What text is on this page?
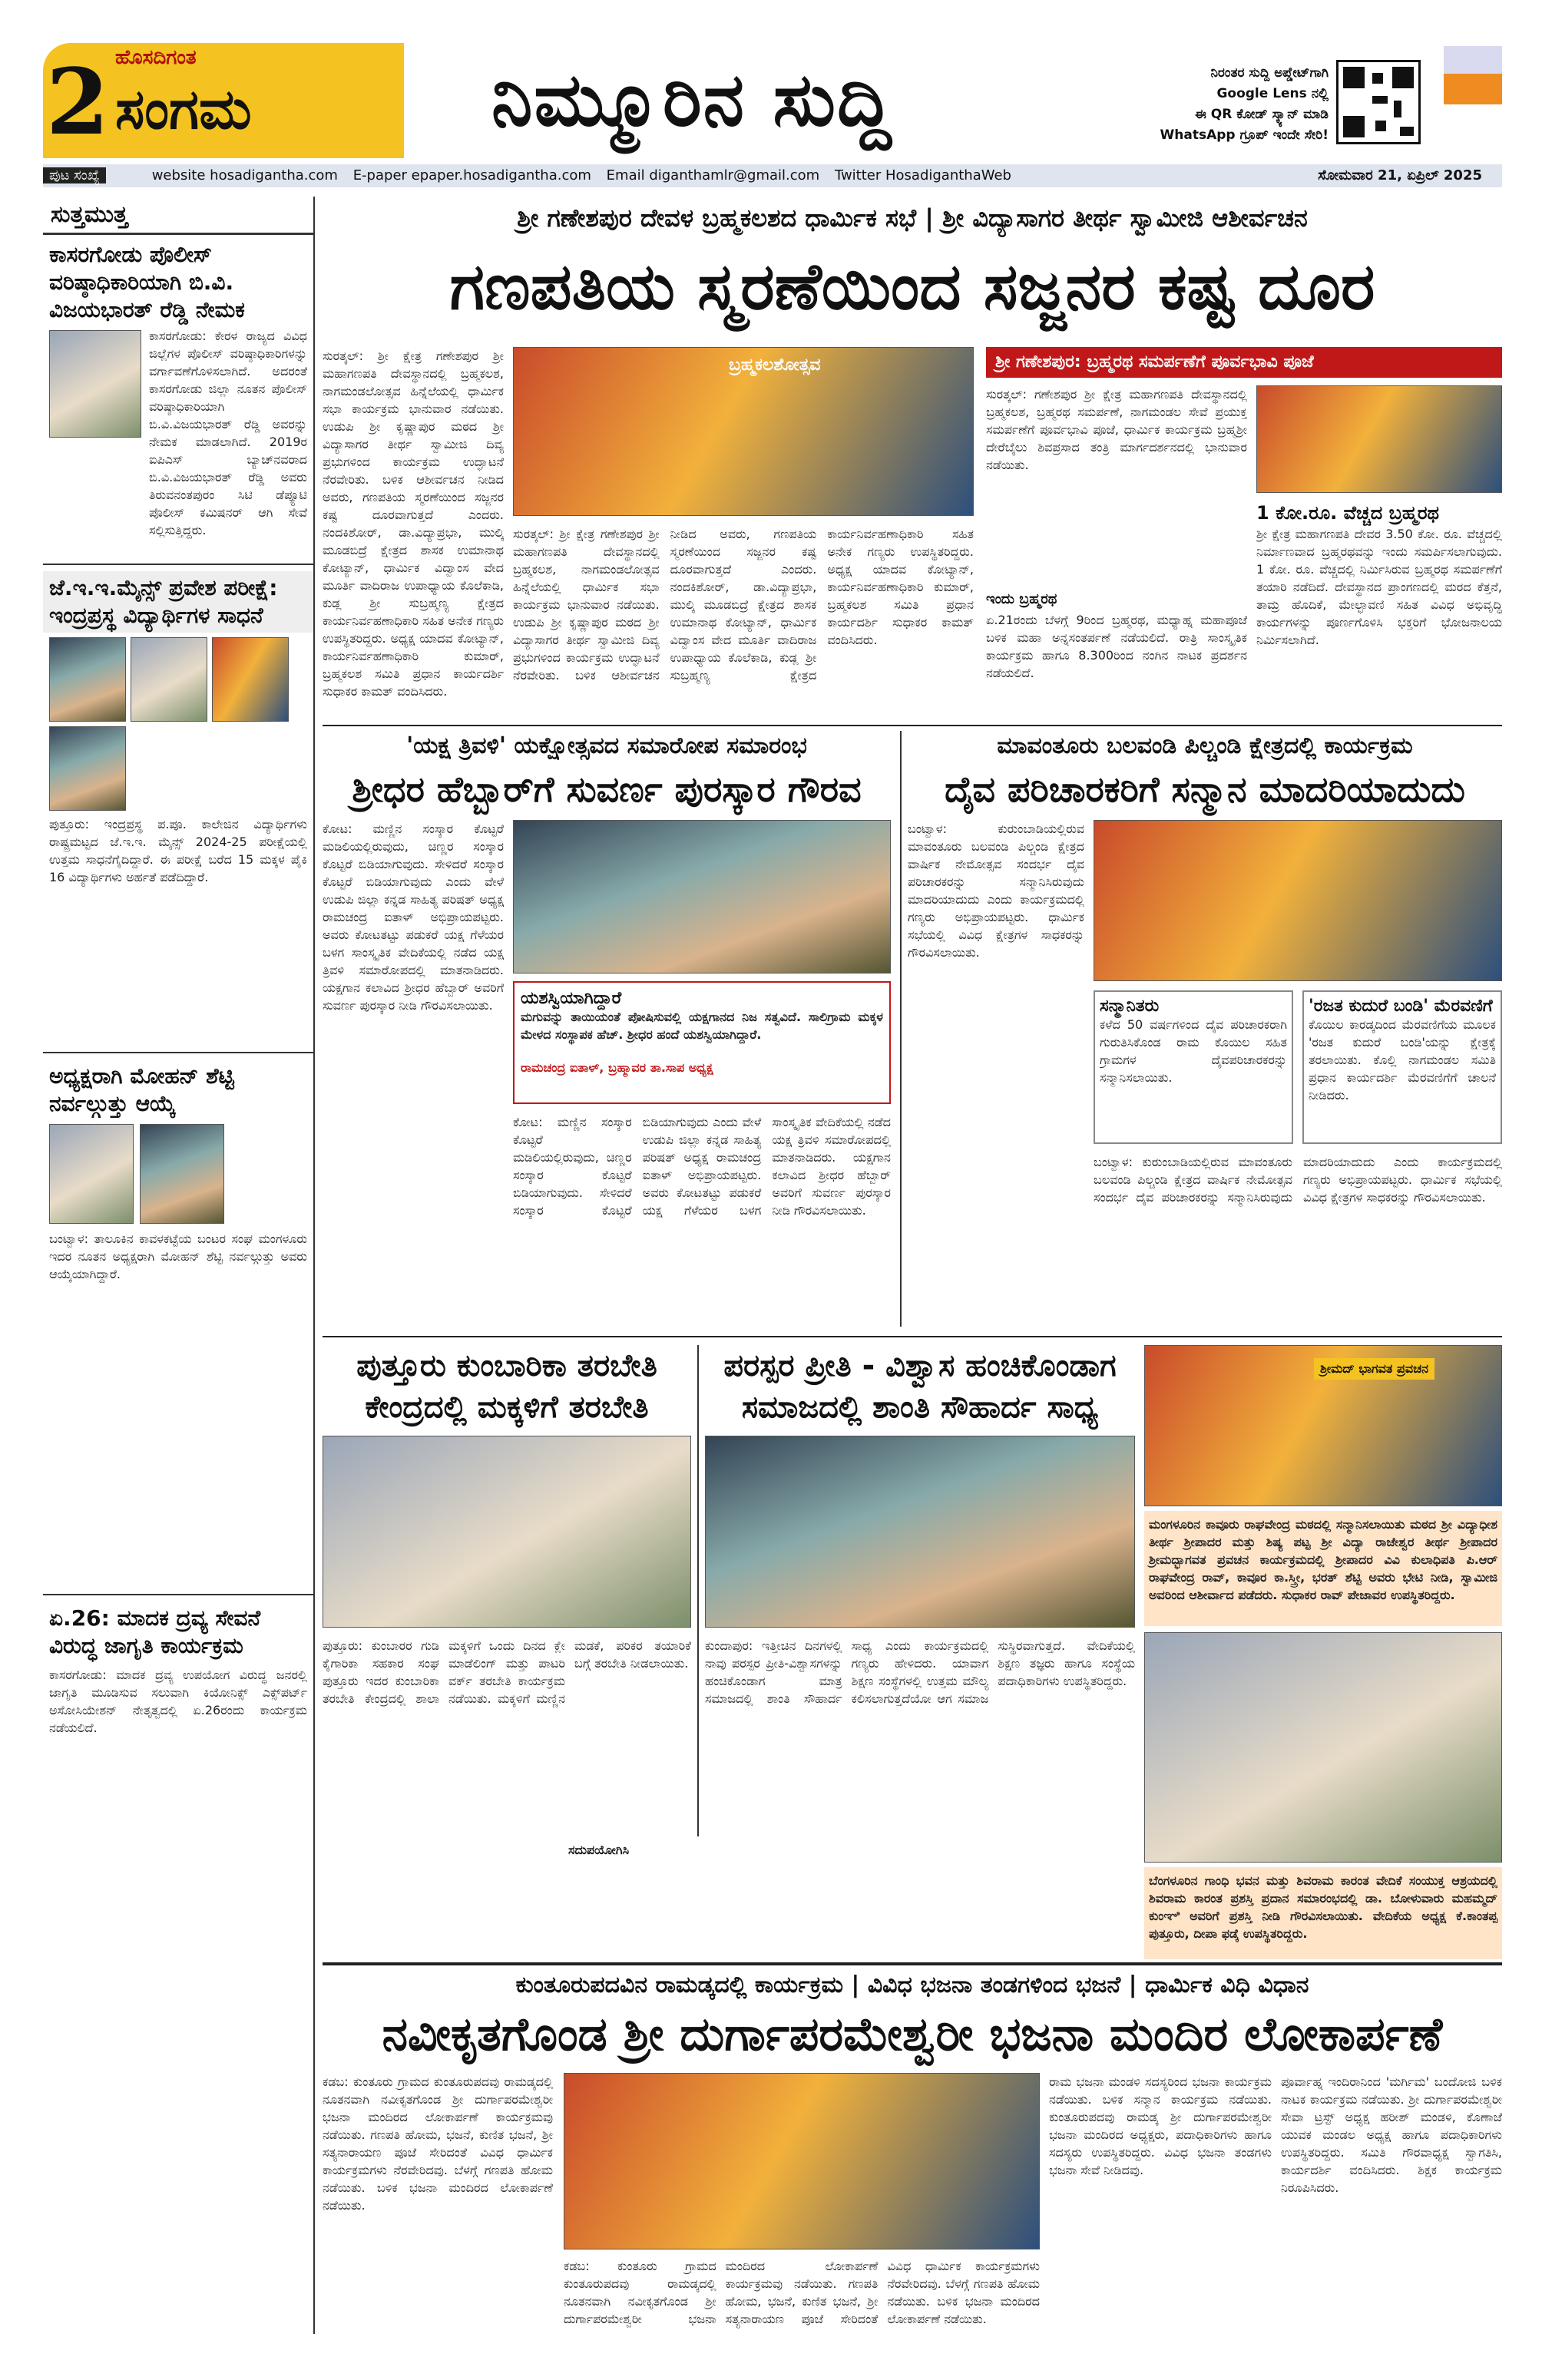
2 ಹೊಸದಿಗಂತ
ಸಂಗಮ	ನಿಮ್ಮೂರಿನ ಸುದ್ದಿ	ನಿರಂತರ ಸುದ್ದಿ ಅಪ್ಡೇಟ್‌ಗಾಗಿ
Google Lens ನಲ್ಲಿ
ಈ QR ಕೋಡ್ ಸ್ಕ್ಯಾನ್ ಮಾಡಿ
WhatsApp ಗ್ರೂಪ್ ಇಂದೇ ಸೇರಿ!
ಪುಟ ಸಂಖ್ಯೆ	website hosadigantha.com E-paper epaper.hosadigantha.com Email diganthamlr@gmail.com Twitter HosadiganthaWeb	ಸೋಮವಾರ 21, ಏಪ್ರಿಲ್ 2025
ಸುತ್ತಮುತ್ತ
ಕಾಸರಗೋಡು ಪೊಲೀಸ್ ವರಿಷ್ಠಾಧಿಕಾರಿಯಾಗಿ ಬಿ.ವಿ. ವಿಜಯಭಾರತ್ ರೆಡ್ಡಿ ನೇಮಕ
ಕಾಸರಗೋಡು: ಕೇರಳ ರಾಜ್ಯದ ವಿವಿಧ ಜಿಲ್ಲೆಗಳ ಪೊಲೀಸ್ ವರಿಷ್ಠಾಧಿಕಾರಿಗಳನ್ನು ವರ್ಗಾವಣೆಗೊಳಿಸಲಾಗಿದೆ. ಅದರಂತೆ ಕಾಸರಗೋಡು ಜಿಲ್ಲಾ ನೂತನ ಪೊಲೀಸ್ ವರಿಷ್ಠಾಧಿಕಾರಿಯಾಗಿ ಬಿ.ವಿ.ವಿಜಯಭಾರತ್ ರೆಡ್ಡಿ ಅವರನ್ನು ನೇಮಕ ಮಾಡಲಾಗಿದೆ. 2019ರ ಐಪಿಎಸ್ ಬ್ಯಾಚ್‌ನವರಾದ ಬಿ.ವಿ.ವಿಜಯಭಾರತ್ ರೆಡ್ಡಿ ಅವರು ತಿರುವನಂತಪುರಂ ಸಿಟಿ ಡೆಪ್ಯೂಟಿ ಪೊಲೀಸ್ ಕಮಿಷನರ್ ಆಗಿ ಸೇವೆ ಸಲ್ಲಿಸುತ್ತಿದ್ದರು.
ಜೆ.ಇ.ಇ.ಮೈನ್ಸ್ ಪ್ರವೇಶ ಪರೀಕ್ಷೆ: ಇಂದ್ರಪ್ರಸ್ಥ ವಿದ್ಯಾರ್ಥಿಗಳ ಸಾಧನೆ
ಪುತ್ತೂರು: ಇಂದ್ರಪ್ರಸ್ಥ ಪ.ಪೂ. ಕಾಲೇಜಿನ ವಿದ್ಯಾರ್ಥಿಗಳು ರಾಷ್ಟ್ರಮಟ್ಟದ ಜೆ.ಇ.ಇ. ಮೈನ್ಸ್ 2024-25 ಪರೀಕ್ಷೆಯಲ್ಲಿ ಉತ್ತಮ ಸಾಧನೆಗೈದಿದ್ದಾರೆ. ಈ ಪರೀಕ್ಷೆ ಬರೆದ 15 ಮಕ್ಕಳ ಪೈಕಿ 16 ವಿದ್ಯಾರ್ಥಿಗಳು ಅರ್ಹತೆ ಪಡೆದಿದ್ದಾರೆ.
ಅಧ್ಯಕ್ಷರಾಗಿ ಮೋಹನ್ ಶೆಟ್ಟಿ ನರ್ವಲ್ಗುತ್ತು ಆಯ್ಕೆ
ಬಂಟ್ವಾಳ: ತಾಲೂಕಿನ ಕಾವಳಕಟ್ಟೆಯ ಬಂಟರ ಸಂಘ ಮಂಗಳೂರು ಇದರ ನೂತನ ಅಧ್ಯಕ್ಷರಾಗಿ ಮೋಹನ್ ಶೆಟ್ಟಿ ನರ್ವಲ್ಗುತ್ತು ಅವರು ಆಯ್ಕೆಯಾಗಿದ್ದಾರೆ.
ಏ.26: ಮಾದಕ ದ್ರವ್ಯ ಸೇವನೆ ವಿರುದ್ಧ ಜಾಗೃತಿ ಕಾರ್ಯಕ್ರಮ
ಕಾಸರಗೋಡು: ಮಾದಕ ದ್ರವ್ಯ ಉಪಯೋಗ ವಿರುದ್ಧ ಜನರಲ್ಲಿ ಜಾಗೃತಿ ಮೂಡಿಸುವ ಸಲುವಾಗಿ ಕಿಯೋನಿಕ್ಸ್ ಎಕ್ಸ್‌ಪರ್ಟ್ ಅಸೋಸಿಯೇಶನ್ ನೇತೃತ್ವದಲ್ಲಿ ಏ.26ರಂದು ಕಾರ್ಯಕ್ರಮ ನಡೆಯಲಿದೆ.
ಶ್ರೀ ಗಣೇಶಪುರ ದೇವಳ ಬ್ರಹ್ಮಕಲಶದ ಧಾರ್ಮಿಕ ಸಭೆ | ಶ್ರೀ ವಿದ್ಯಾಸಾಗರ ತೀರ್ಥ ಸ್ವಾಮೀಜಿ ಆಶೀರ್ವಚನ
ಗಣಪತಿಯ ಸ್ಮರಣೆಯಿಂದ ಸಜ್ಜನರ ಕಷ್ಟ ದೂರ
ಬ್ರಹ್ಮಕಲಶೋತ್ಸವ
ಸುರತ್ಕಲ್: ಶ್ರೀ ಕ್ಷೇತ್ರ ಗಣೇಶಪುರ ಶ್ರೀ ಮಹಾಗಣಪತಿ ದೇವಸ್ಥಾನದಲ್ಲಿ ಬ್ರಹ್ಮಕಲಶ, ನಾಗಮಂಡಲೋತ್ಸವ ಹಿನ್ನೆಲೆಯಲ್ಲಿ ಧಾರ್ಮಿಕ ಸಭಾ ಕಾರ್ಯಕ್ರಮ ಭಾನುವಾರ ನಡೆಯಿತು. ಉಡುಪಿ ಶ್ರೀ ಕೃಷ್ಣಾಪುರ ಮಠದ ಶ್ರೀ ವಿದ್ಯಾಸಾಗರ ತೀರ್ಥ ಸ್ವಾಮೀಜಿ ದಿವ್ಯ ಪ್ರಭುಗಳಿಂದ ಕಾರ್ಯಕ್ರಮ ಉದ್ಘಾಟನೆ ನೆರವೇರಿತು. ಬಳಿಕ ಆಶೀರ್ವಚನ ನೀಡಿದ ಅವರು, ಗಣಪತಿಯ ಸ್ಮರಣೆಯಿಂದ ಸಜ್ಜನರ ಕಷ್ಟ ದೂರವಾಗುತ್ತದೆ ಎಂದರು. ನಂದಕಿಶೋರ್, ಡಾ.ವಿದ್ಯಾಪ್ರಭಾ, ಮುಲ್ಕಿ ಮೂಡಬಿದ್ರೆ ಕ್ಷೇತ್ರದ ಶಾಸಕ ಉಮಾನಾಥ ಕೋಟ್ಯಾನ್, ಧಾರ್ಮಿಕ ವಿದ್ವಾಂಸ ವೇದ ಮೂರ್ತಿ ವಾದಿರಾಜ ಉಪಾಧ್ಯಾಯ ಕೊಲೆಕಾಡಿ, ಕುಡ್ಲ ಶ್ರೀ ಸುಬ್ರಹ್ಮಣ್ಯ ಕ್ಷೇತ್ರದ ಕಾರ್ಯನಿರ್ವಹಣಾಧಿಕಾರಿ ಸಹಿತ ಅನೇಕ ಗಣ್ಯರು ಉಪಸ್ಥಿತರಿದ್ದರು. ಅಧ್ಯಕ್ಷ ಯಾದವ ಕೋಟ್ಯಾನ್, ಕಾರ್ಯನಿರ್ವಹಣಾಧಿಕಾರಿ ಕುಮಾರ್, ಬ್ರಹ್ಮಕಲಶ ಸಮಿತಿ ಪ್ರಧಾನ ಕಾರ್ಯದರ್ಶಿ ಸುಧಾಕರ ಕಾಮತ್ ವಂದಿಸಿದರು.
ಸುರತ್ಕಲ್: ಶ್ರೀ ಕ್ಷೇತ್ರ ಗಣೇಶಪುರ ಶ್ರೀ ಮಹಾಗಣಪತಿ ದೇವಸ್ಥಾನದಲ್ಲಿ ಬ್ರಹ್ಮಕಲಶ, ನಾಗಮಂಡಲೋತ್ಸವ ಹಿನ್ನೆಲೆಯಲ್ಲಿ ಧಾರ್ಮಿಕ ಸಭಾ ಕಾರ್ಯಕ್ರಮ ಭಾನುವಾರ ನಡೆಯಿತು. ಉಡುಪಿ ಶ್ರೀ ಕೃಷ್ಣಾಪುರ ಮಠದ ಶ್ರೀ ವಿದ್ಯಾಸಾಗರ ತೀರ್ಥ ಸ್ವಾಮೀಜಿ ದಿವ್ಯ ಪ್ರಭುಗಳಿಂದ ಕಾರ್ಯಕ್ರಮ ಉದ್ಘಾಟನೆ ನೆರವೇರಿತು. ಬಳಿಕ ಆಶೀರ್ವಚನ ನೀಡಿದ ಅವರು, ಗಣಪತಿಯ ಸ್ಮರಣೆಯಿಂದ ಸಜ್ಜನರ ಕಷ್ಟ ದೂರವಾಗುತ್ತದೆ ಎಂದರು. ನಂದಕಿಶೋರ್, ಡಾ.ವಿದ್ಯಾಪ್ರಭಾ, ಮುಲ್ಕಿ ಮೂಡಬಿದ್ರೆ ಕ್ಷೇತ್ರದ ಶಾಸಕ ಉಮಾನಾಥ ಕೋಟ್ಯಾನ್, ಧಾರ್ಮಿಕ ವಿದ್ವಾಂಸ ವೇದ ಮೂರ್ತಿ ವಾದಿರಾಜ ಉಪಾಧ್ಯಾಯ ಕೊಲೆಕಾಡಿ, ಕುಡ್ಲ ಶ್ರೀ ಸುಬ್ರಹ್ಮಣ್ಯ ಕ್ಷೇತ್ರದ ಕಾರ್ಯನಿರ್ವಹಣಾಧಿಕಾರಿ ಸಹಿತ ಅನೇಕ ಗಣ್ಯರು ಉಪಸ್ಥಿತರಿದ್ದರು. ಅಧ್ಯಕ್ಷ ಯಾದವ ಕೋಟ್ಯಾನ್, ಕಾರ್ಯನಿರ್ವಹಣಾಧಿಕಾರಿ ಕುಮಾರ್, ಬ್ರಹ್ಮಕಲಶ ಸಮಿತಿ ಪ್ರಧಾನ ಕಾರ್ಯದರ್ಶಿ ಸುಧಾಕರ ಕಾಮತ್ ವಂದಿಸಿದರು.
ಶ್ರೀ ಗಣೇಶಪುರ: ಬ್ರಹ್ಮರಥ ಸಮರ್ಪಣೆಗೆ ಪೂರ್ವಭಾವಿ ಪೂಜೆ
ಸುರತ್ಕಲ್: ಗಣೇಶಪುರ ಶ್ರೀ ಕ್ಷೇತ್ರ ಮಹಾಗಣಪತಿ ದೇವಸ್ಥಾನದಲ್ಲಿ ಬ್ರಹ್ಮಕಲಶ, ಬ್ರಹ್ಮರಥ ಸಮರ್ಪಣೆ, ನಾಗಮಂಡಲ ಸೇವೆ ಪ್ರಯುಕ್ತ ಸಮರ್ಪಣೆಗೆ ಪೂರ್ವಭಾವಿ ಪೂಜೆ, ಧಾರ್ಮಿಕ ಕಾರ್ಯಕ್ರಮ ಬ್ರಹ್ಮಶ್ರೀ ದೇರೆಬೈಲು ಶಿವಪ್ರಸಾದ ತಂತ್ರಿ ಮಾರ್ಗದರ್ಶನದಲ್ಲಿ ಭಾನುವಾರ ನಡೆಯಿತು.
ಇಂದು ಬ್ರಹ್ಮರಥ
ಏ.21ರಂದು ಬೆಳಗ್ಗೆ 9ರಿಂದ ಬ್ರಹ್ಮರಥ, ಮಧ್ಯಾಹ್ನ ಮಹಾಪೂಜೆ ಬಳಿಕ ಮಹಾ ಅನ್ನಸಂತರ್ಪಣೆ ನಡೆಯಲಿದೆ. ರಾತ್ರಿ ಸಾಂಸ್ಕೃತಿಕ ಕಾರ್ಯಕ್ರಮ ಹಾಗೂ 8.300ರಿಂದ ನಂಗಿನ ನಾಟಕ ಪ್ರದರ್ಶನ ನಡೆಯಲಿದೆ.
1 ಕೋ.ರೂ. ವೆಚ್ಚದ ಬ್ರಹ್ಮರಥ
ಶ್ರೀ ಕ್ಷೇತ್ರ ಮಹಾಗಣಪತಿ ದೇವರ 3.50 ಕೋ. ರೂ. ವೆಚ್ಚದಲ್ಲಿ ನಿರ್ಮಾಣವಾದ ಬ್ರಹ್ಮರಥವನ್ನು ಇಂದು ಸಮರ್ಪಿಸಲಾಗುವುದು. 1 ಕೋ. ರೂ. ವೆಚ್ಚದಲ್ಲಿ ನಿರ್ಮಿಸಿರುವ ಬ್ರಹ್ಮರಥ ಸಮರ್ಪಣೆಗೆ ತಯಾರಿ ನಡೆದಿದೆ. ದೇವಸ್ಥಾನದ ಪ್ರಾಂಗಣದಲ್ಲಿ ಮರದ ಕೆತ್ತನೆ, ತಾಮ್ರ ಹೊದಿಕೆ, ಮೇಲ್ಛಾವಣಿ ಸಹಿತ ವಿವಿಧ ಅಭಿವೃದ್ಧಿ ಕಾರ್ಯಗಳನ್ನು ಪೂರ್ಣಗೊಳಿಸಿ ಭಕ್ತರಿಗೆ ಭೋಜನಾಲಯ ನಿರ್ಮಿಸಲಾಗಿದೆ.
'ಯಕ್ಷ ತ್ರಿವಳಿ' ಯಕ್ಷೋತ್ಸವದ ಸಮಾರೋಪ ಸಮಾರಂಭ
ಶ್ರೀಧರ ಹೆಬ್ಬಾರ್‌ಗೆ ಸುವರ್ಣ ಪುರಸ್ಕಾರ ಗೌರವ
ಕೋಟ: ಮಣ್ಣಿನ ಸಂಸ್ಕಾರ ಕೊಟ್ಟರೆ ಮಡಿಲಿಯಲ್ಲಿರುವುದು, ಚಿಣ್ಣರ ಸಂಸ್ಕಾರ ಕೊಟ್ಟರೆ ಬಿಡಿಯಾಗುವುದು. ಸೇಳಿದರೆ ಸಂಸ್ಕಾರ ಕೊಟ್ಟರೆ ಬಿಡಿಯಾಗುವುದು ಎಂದು ವೇಳೆ ಉಡುಪಿ ಜಿಲ್ಲಾ ಕನ್ನಡ ಸಾಹಿತ್ಯ ಪರಿಷತ್ ಅಧ್ಯಕ್ಷ ರಾಮಚಂದ್ರ ಐತಾಳ್ ಅಭಿಪ್ರಾಯಪಟ್ಟರು. ಅವರು ಕೋಟತಟ್ಟು ಪಡುಕರೆ ಯಕ್ಷ ಗೆಳೆಯರ ಬಳಗ ಸಾಂಸ್ಕೃತಿಕ ವೇದಿಕೆಯಲ್ಲಿ ನಡೆದ ಯಕ್ಷ ತ್ರಿವಳಿ ಸಮಾರೋಪದಲ್ಲಿ ಮಾತನಾಡಿದರು. ಯಕ್ಷಗಾನ ಕಲಾವಿದ ಶ್ರೀಧರ ಹೆಬ್ಬಾರ್ ಅವರಿಗೆ ಸುವರ್ಣ ಪುರಸ್ಕಾರ ನೀಡಿ ಗೌರವಿಸಲಾಯಿತು.	ಯಶಸ್ವಿಯಾಗಿದ್ದಾರೆ
ಮಗುವನ್ನು ತಾಯಿಯಂತೆ ಪೋಷಿಸುವಲ್ಲಿ ಯಕ್ಷಗಾನದ ನಿಜ ಸತ್ವವಿದೆ. ಸಾಲಿಗ್ರಾಮ ಮಕ್ಕಳ ಮೇಳದ ಸಂಸ್ಥಾಪಕ ಹೆಚ್. ಶ್ರೀಧರ ಹಂದೆ ಯಶಸ್ವಿಯಾಗಿದ್ದಾರೆ.
ರಾಮಚಂದ್ರ ಐತಾಳ್, ಬ್ರಹ್ಮಾವರ ತಾ.ಸಾಪ ಅಧ್ಯಕ್ಷ
ಕೋಟ: ಮಣ್ಣಿನ ಸಂಸ್ಕಾರ ಕೊಟ್ಟರೆ ಮಡಿಲಿಯಲ್ಲಿರುವುದು, ಚಿಣ್ಣರ ಸಂಸ್ಕಾರ ಕೊಟ್ಟರೆ ಬಿಡಿಯಾಗುವುದು. ಸೇಳಿದರೆ ಸಂಸ್ಕಾರ ಕೊಟ್ಟರೆ ಬಿಡಿಯಾಗುವುದು ಎಂದು ವೇಳೆ ಉಡುಪಿ ಜಿಲ್ಲಾ ಕನ್ನಡ ಸಾಹಿತ್ಯ ಪರಿಷತ್ ಅಧ್ಯಕ್ಷ ರಾಮಚಂದ್ರ ಐತಾಳ್ ಅಭಿಪ್ರಾಯಪಟ್ಟರು. ಅವರು ಕೋಟತಟ್ಟು ಪಡುಕರೆ ಯಕ್ಷ ಗೆಳೆಯರ ಬಳಗ ಸಾಂಸ್ಕೃತಿಕ ವೇದಿಕೆಯಲ್ಲಿ ನಡೆದ ಯಕ್ಷ ತ್ರಿವಳಿ ಸಮಾರೋಪದಲ್ಲಿ ಮಾತನಾಡಿದರು. ಯಕ್ಷಗಾನ ಕಲಾವಿದ ಶ್ರೀಧರ ಹೆಬ್ಬಾರ್ ಅವರಿಗೆ ಸುವರ್ಣ ಪುರಸ್ಕಾರ ನೀಡಿ ಗೌರವಿಸಲಾಯಿತು.
ಮಾವಂತೂರು ಬಲವಂಡಿ ಪಿಲ್ಚಂಡಿ ಕ್ಷೇತ್ರದಲ್ಲಿ ಕಾರ್ಯಕ್ರಮ
ದೈವ ಪರಿಚಾರಕರಿಗೆ ಸನ್ಮಾನ ಮಾದರಿಯಾದುದು
ಬಂಟ್ವಾಳ: ಕುರುಂಬಾಡಿಯಲ್ಲಿರುವ ಮಾವಂತೂರು ಬಲವಂಡಿ ಪಿಲ್ಚಂಡಿ ಕ್ಷೇತ್ರದ ವಾರ್ಷಿಕ ನೇಮೋತ್ಸವ ಸಂದರ್ಭ ದೈವ ಪರಿಚಾರಕರನ್ನು ಸನ್ಮಾನಿಸಿರುವುದು ಮಾದರಿಯಾದುದು ಎಂದು ಕಾರ್ಯಕ್ರಮದಲ್ಲಿ ಗಣ್ಯರು ಅಭಿಪ್ರಾಯಪಟ್ಟರು. ಧಾರ್ಮಿಕ ಸಭೆಯಲ್ಲಿ ವಿವಿಧ ಕ್ಷೇತ್ರಗಳ ಸಾಧಕರನ್ನು ಗೌರವಿಸಲಾಯಿತು.
ಸನ್ಮಾನಿತರು
ಕಳೆದ 50 ವರ್ಷಗಳಿಂದ ದೈವ ಪರಿಚಾರಕರಾಗಿ ಗುರುತಿಸಿಕೊಂಡ ರಾಮ ಕೊಯಿಲ ಸಹಿತ ಗ್ರಾಮಗಳ ದೈವಪರಿಚಾರಕರನ್ನು ಸನ್ಮಾನಿಸಲಾಯಿತು.
'ರಜತ ಕುದುರೆ ಬಂಡಿ' ಮೆರವಣಿಗೆ
ಕೊಯಿಲ ಕಾರಡ್ಕದಿಂದ ಮೆರವಣಿಗೆಯ ಮೂಲಕ 'ರಜತ ಕುದುರೆ ಬಂಡಿ'ಯನ್ನು ಕ್ಷೇತ್ರಕ್ಕೆ ತರಲಾಯಿತು. ಕೊಲ್ಲಿ ನಾಗಮಂಡಲ ಸಮಿತಿ ಪ್ರಧಾನ ಕಾರ್ಯದರ್ಶಿ ಮೆರವಣಿಗೆಗೆ ಚಾಲನೆ ನೀಡಿದರು.
ಬಂಟ್ವಾಳ: ಕುರುಂಬಾಡಿಯಲ್ಲಿರುವ ಮಾವಂತೂರು ಬಲವಂಡಿ ಪಿಲ್ಚಂಡಿ ಕ್ಷೇತ್ರದ ವಾರ್ಷಿಕ ನೇಮೋತ್ಸವ ಸಂದರ್ಭ ದೈವ ಪರಿಚಾರಕರನ್ನು ಸನ್ಮಾನಿಸಿರುವುದು ಮಾದರಿಯಾದುದು ಎಂದು ಕಾರ್ಯಕ್ರಮದಲ್ಲಿ ಗಣ್ಯರು ಅಭಿಪ್ರಾಯಪಟ್ಟರು. ಧಾರ್ಮಿಕ ಸಭೆಯಲ್ಲಿ ವಿವಿಧ ಕ್ಷೇತ್ರಗಳ ಸಾಧಕರನ್ನು ಗೌರವಿಸಲಾಯಿತು.
ಪುತ್ತೂರು ಕುಂಬಾರಿಕಾ ತರಬೇತಿ ಕೇಂದ್ರದಲ್ಲಿ ಮಕ್ಕಳಿಗೆ ತರಬೇತಿ
ಪುತ್ತೂರು: ಕುಂಬಾರರ ಗುಡಿ ಕೈಗಾರಿಕಾ ಸಹಕಾರ ಸಂಘ ಪುತ್ತೂರು ಇದರ ಕುಂಬಾರಿಕಾ ತರಬೇತಿ ಕೇಂದ್ರದಲ್ಲಿ ಶಾಲಾ ಮಕ್ಕಳಿಗೆ ಒಂದು ದಿನದ ಕ್ಲೇ ಮಾಡೆಲಿಂಗ್ ಮತ್ತು ಪಾಟರಿ ವರ್ಕ್ ತರಬೇತಿ ಕಾರ್ಯಕ್ರಮ ನಡೆಯಿತು. ಮಕ್ಕಳಿಗೆ ಮಣ್ಣಿನ ಮಡಕೆ, ಪರಿಕರ ತಯಾರಿಕೆ ಬಗ್ಗೆ ತರಬೇತಿ ನೀಡಲಾಯಿತು.
ಸದುಪಯೋಗಿಸಿ
ಪರಸ್ಪರ ಪ್ರೀತಿ - ವಿಶ್ವಾಸ ಹಂಚಿಕೊಂಡಾಗ ಸಮಾಜದಲ್ಲಿ ಶಾಂತಿ ಸೌಹಾರ್ದ ಸಾಧ್ಯ
ಕುಂದಾಪುರ: ಇತ್ತೀಚಿನ ದಿನಗಳಲ್ಲಿ ನಾವು ಪರಸ್ಪರ ಪ್ರೀತಿ-ವಿಶ್ವಾಸಗಳನ್ನು ಹಂಚಿಕೊಂಡಾಗ ಮಾತ್ರ ಸಮಾಜದಲ್ಲಿ ಶಾಂತಿ ಸೌಹಾರ್ದ ಸಾಧ್ಯ ಎಂದು ಕಾರ್ಯಕ್ರಮದಲ್ಲಿ ಗಣ್ಯರು ಹೇಳಿದರು. ಯಾವಾಗ ಶಿಕ್ಷಣ ಸಂಸ್ಥೆಗಳಲ್ಲಿ ಉತ್ತಮ ಮೌಲ್ಯ ಕಲಿಸಲಾಗುತ್ತದೆಯೋ ಆಗ ಸಮಾಜ ಸುಸ್ಥಿರವಾಗುತ್ತದೆ. ವೇದಿಕೆಯಲ್ಲಿ ಶಿಕ್ಷಣ ತಜ್ಞರು ಹಾಗೂ ಸಂಸ್ಥೆಯ ಪದಾಧಿಕಾರಿಗಳು ಉಪಸ್ಥಿತರಿದ್ದರು.
ಶ್ರೀಮದ್ ಭಾಗವತ ಪ್ರವಚನ
ಮಂಗಳೂರಿನ ಕಾವೂರು ರಾಘವೇಂದ್ರ ಮಠದಲ್ಲಿ ಸನ್ಮಾನಿಸಲಾಯಿತು ಮಠದ ಶ್ರೀ ವಿದ್ಯಾಧೀಶ ತೀರ್ಥ ಶ್ರೀಪಾದರ ಮತ್ತು ಶಿಷ್ಯ ಪಟ್ಟ ಶ್ರೀ ವಿದ್ಯಾ ರಾಜೇಶ್ವರ ತೀರ್ಥ ಶ್ರೀಪಾದರ ಶ್ರೀಮದ್ಭಾಗವತ ಪ್ರವಚನ ಕಾರ್ಯಕ್ರಮದಲ್ಲಿ ಶ್ರೀಪಾದರ ವಿವಿ ಕುಲಾಧಿಪತಿ ಪಿ.ಆರ್ ರಾಘವೇಂದ್ರ ರಾವ್, ಕಾವೂರ ಕಾ.ಸ್ತ್ರೀ, ಭರತ್ ಶೆಟ್ಟಿ ಅವರು ಭೇಟಿ ನೀಡಿ, ಸ್ವಾಮೀಜಿ ಅವರಿಂದ ಆಶೀರ್ವಾದ ಪಡೆದರು. ಸುಧಾಕರ ರಾವ್ ಪೇಜಾವರ ಉಪಸ್ಥಿತರಿದ್ದರು.
ಬೆಂಗಳೂರಿನ ಗಾಂಧಿ ಭವನ ಮತ್ತು ಶಿವರಾಮ ಕಾರಂತ ವೇದಿಕೆ ಸಂಯುಕ್ತ ಆಶ್ರಯದಲ್ಲಿ ಶಿವರಾಮ ಕಾರಂತ ಪ್ರಶಸ್ತಿ ಪ್ರದಾನ ಸಮಾರಂಭದಲ್ಲಿ ಡಾ. ಬೋಳುವಾರು ಮಹಮ್ಮದ್ ಕುಂಞಿ ಅವರಿಗೆ ಪ್ರಶಸ್ತಿ ನೀಡಿ ಗೌರವಿಸಲಾಯಿತು. ವೇದಿಕೆಯ ಅಧ್ಯಕ್ಷ ಕೆ.ಕಾಂತಪ್ಪ ಪುತ್ತೂರು, ದೀಪಾ ಫಡ್ಕೆ ಉಪಸ್ಥಿತರಿದ್ದರು.
ಕುಂತೂರುಪದವಿನ ರಾಮಡ್ಕದಲ್ಲಿ ಕಾರ್ಯಕ್ರಮ | ವಿವಿಧ ಭಜನಾ ತಂಡಗಳಿಂದ ಭಜನೆ | ಧಾರ್ಮಿಕ ವಿಧಿ ವಿಧಾನ
ನವೀಕೃತಗೊಂಡ ಶ್ರೀ ದುರ್ಗಾಪರಮೇಶ್ವರೀ ಭಜನಾ ಮಂದಿರ ಲೋಕಾರ್ಪಣೆ
ಕಡಬ: ಕುಂತೂರು ಗ್ರಾಮದ ಕುಂತೂರುಪದವು ರಾಮಡ್ಕದಲ್ಲಿ ನೂತನವಾಗಿ ನವೀಕೃತಗೊಂಡ ಶ್ರೀ ದುರ್ಗಾಪರಮೇಶ್ವರೀ ಭಜನಾ ಮಂದಿರದ ಲೋಕಾರ್ಪಣೆ ಕಾರ್ಯಕ್ರಮವು ನಡೆಯಿತು. ಗಣಪತಿ ಹೋಮ, ಭಜನೆ, ಕುಣಿತ ಭಜನೆ, ಶ್ರೀ ಸತ್ಯನಾರಾಯಣ ಪೂಜೆ ಸೇರಿದಂತೆ ವಿವಿಧ ಧಾರ್ಮಿಕ ಕಾರ್ಯಕ್ರಮಗಳು ನೆರವೇರಿದವು. ಬೆಳಗ್ಗೆ ಗಣಪತಿ ಹೋಮ ನಡೆಯಿತು. ಬಳಿಕ ಭಜನಾ ಮಂದಿರದ ಲೋಕಾರ್ಪಣೆ ನಡೆಯಿತು.
ಕಡಬ: ಕುಂತೂರು ಗ್ರಾಮದ ಕುಂತೂರುಪದವು ರಾಮಡ್ಕದಲ್ಲಿ ನೂತನವಾಗಿ ನವೀಕೃತಗೊಂಡ ಶ್ರೀ ದುರ್ಗಾಪರಮೇಶ್ವರೀ ಭಜನಾ ಮಂದಿರದ ಲೋಕಾರ್ಪಣೆ ಕಾರ್ಯಕ್ರಮವು ನಡೆಯಿತು. ಗಣಪತಿ ಹೋಮ, ಭಜನೆ, ಕುಣಿತ ಭಜನೆ, ಶ್ರೀ ಸತ್ಯನಾರಾಯಣ ಪೂಜೆ ಸೇರಿದಂತೆ ವಿವಿಧ ಧಾರ್ಮಿಕ ಕಾರ್ಯಕ್ರಮಗಳು ನೆರವೇರಿದವು. ಬೆಳಗ್ಗೆ ಗಣಪತಿ ಹೋಮ ನಡೆಯಿತು. ಬಳಿಕ ಭಜನಾ ಮಂದಿರದ ಲೋಕಾರ್ಪಣೆ ನಡೆಯಿತು.
ರಾಮ ಭಜನಾ ಮಂಡಳಿ ಸದಸ್ಯರಿಂದ ಭಜನಾ ಕಾರ್ಯಕ್ರಮ ನಡೆಯಿತು. ಬಳಿಕ ಸನ್ಮಾನ ಕಾರ್ಯಕ್ರಮ ನಡೆಯಿತು. ಕುಂತೂರುಪದವು ರಾಮಡ್ಕ ಶ್ರೀ ದುರ್ಗಾಪರಮೇಶ್ವರೀ ಭಜನಾ ಮಂದಿರದ ಅಧ್ಯಕ್ಷರು, ಪದಾಧಿಕಾರಿಗಳು ಹಾಗೂ ಸದಸ್ಯರು ಉಪಸ್ಥಿತರಿದ್ದರು. ವಿವಿಧ ಭಜನಾ ತಂಡಗಳು ಭಜನಾ ಸೇವೆ ನೀಡಿದವು.
ಪೂರ್ವಾಹ್ನ ಇಂದಿರಾನಿಂದ 'ಮರ್ಗಿಮ' ಬಂದೋಜಿ ಬಳಿಕ ನಾಟಕ ಕಾರ್ಯಕ್ರಮ ನಡೆಯಿತು. ಶ್ರೀ ದುರ್ಗಾಪರಮೇಶ್ವರೀ ಸೇವಾ ಟ್ರಸ್ಟ್ ಅಧ್ಯಕ್ಷ ಹರೀಶ್ ಮಂಡಳಿ, ಕೊಣಾಜೆ ಯುವಕ ಮಂಡಲ ಅಧ್ಯಕ್ಷ ಹಾಗೂ ಪದಾಧಿಕಾರಿಗಳು ಉಪಸ್ಥಿತರಿದ್ದರು. ಸಮಿತಿ ಗೌರವಾಧ್ಯಕ್ಷ ಸ್ವಾಗತಿಸಿ, ಕಾರ್ಯದರ್ಶಿ ವಂದಿಸಿದರು. ಶಿಕ್ಷಕ ಕಾರ್ಯಕ್ರಮ ನಿರೂಪಿಸಿದರು.
